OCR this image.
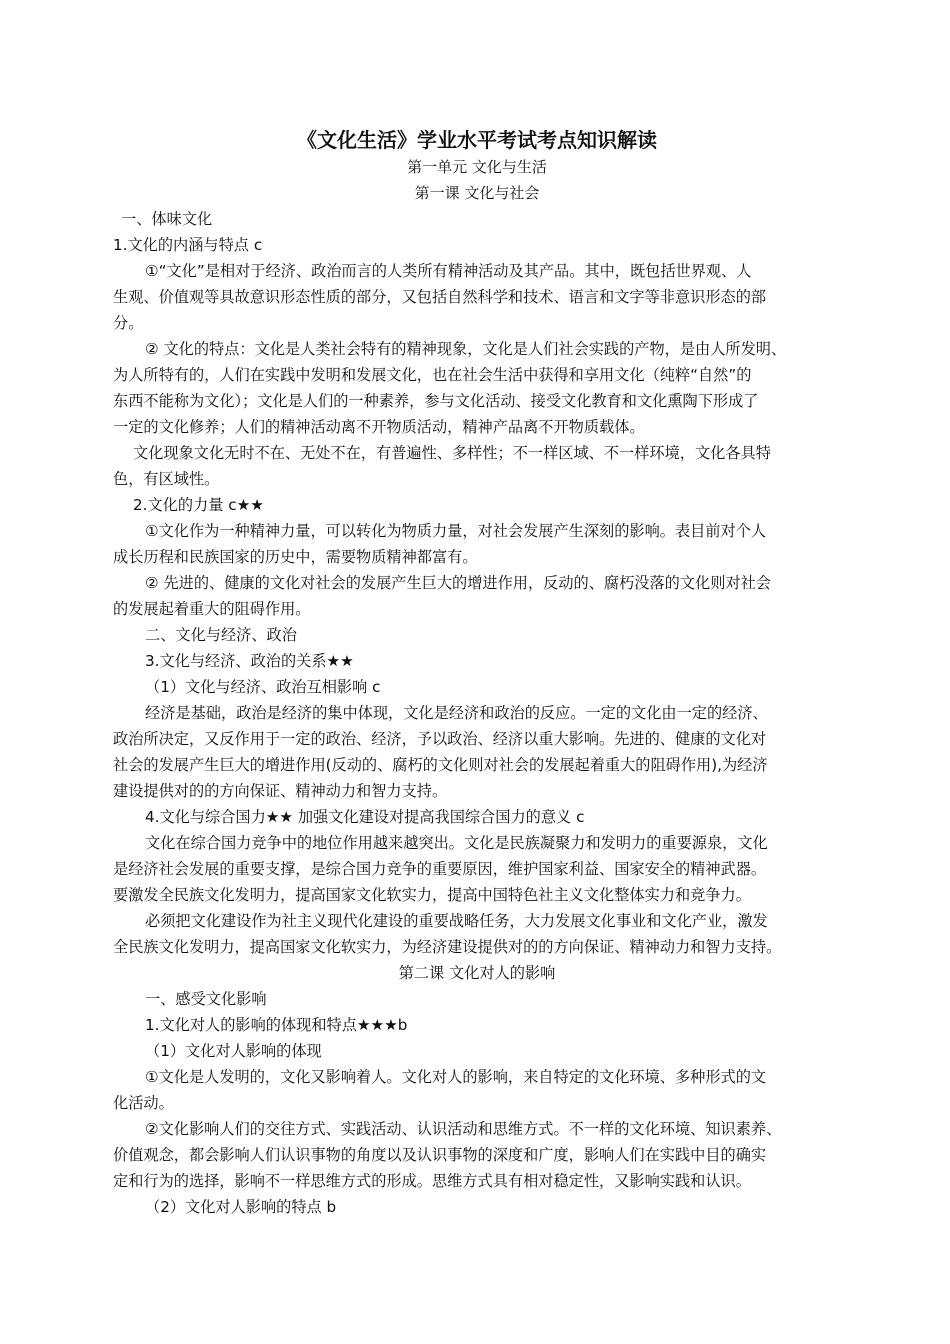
《文化生活》学业水平考试考点知识解读
第一单元 文化与生活
第一课 文化与社会
一、体味文化
1.文化的内涵与特点 c
①“文化”是相对于经济、政治而言的人类所有精神活动及其产品。其中，既包括世界观、人
生观、价值观等具故意识形态性质的部分，又包括自然科学和技术、语言和文字等非意识形态的部
分。
② 文化的特点：文化是人类社会特有的精神现象，文化是人们社会实践的产物，是由人所发明、
为人所特有的，人们在实践中发明和发展文化，也在社会生活中获得和享用文化（纯粹“自然”的
东西不能称为文化）；文化是人们的一种素养，参与文化活动、接受文化教育和文化熏陶下形成了
一定的文化修养；人们的精神活动离不开物质活动，精神产品离不开物质载体。
文化现象文化无时不在、无处不在，有普遍性、多样性；不一样区域、不一样环境，文化各具特
色，有区域性。
2.文化的力量 c★★
①文化作为一种精神力量，可以转化为物质力量，对社会发展产生深刻的影响。表目前对个人
成长历程和民族国家的历史中，需要物质精神都富有。
② 先进的、健康的文化对社会的发展产生巨大的增进作用，反动的、腐朽没落的文化则对社会
的发展起着重大的阻碍作用。
二、文化与经济、政治
3.文化与经济、政治的关系★★
（1）文化与经济、政治互相影响 c
经济是基础，政治是经济的集中体现，文化是经济和政治的反应。一定的文化由一定的经济、
政治所决定，又反作用于一定的政治、经济，予以政治、经济以重大影响。先进的、健康的文化对
社会的发展产生巨大的增进作用(反动的、腐朽的文化则对社会的发展起着重大的阻碍作用),为经济
建设提供对的的方向保证、精神动力和智力支持。
4.文化与综合国力★★ 加强文化建设对提高我国综合国力的意义 c
文化在综合国力竞争中的地位作用越来越突出。文化是民族凝聚力和发明力的重要源泉，文化
是经济社会发展的重要支撑，是综合国力竞争的重要原因，维护国家利益、国家安全的精神武器。
要激发全民族文化发明力，提高国家文化软实力，提高中国特色社主义文化整体实力和竞争力。
必须把文化建设作为社主义现代化建设的重要战略任务，大力发展文化事业和文化产业，激发
全民族文化发明力，提高国家文化软实力，为经济建设提供对的的方向保证、精神动力和智力支持。
第二课 文化对人的影响
一、感受文化影响
1.文化对人的影响的体现和特点★★★b
（1）文化对人影响的体现
①文化是人发明的，文化又影响着人。文化对人的影响，来自特定的文化环境、多种形式的文
化活动。
②文化影响人们的交往方式、实践活动、认识活动和思维方式。不一样的文化环境、知识素养、
价值观念，都会影响人们认识事物的角度以及认识事物的深度和广度，影响人们在实践中目的确实
定和行为的选择，影响不一样思维方式的形成。思维方式具有相对稳定性，又影响实践和认识。
（2）文化对人影响的特点 b
